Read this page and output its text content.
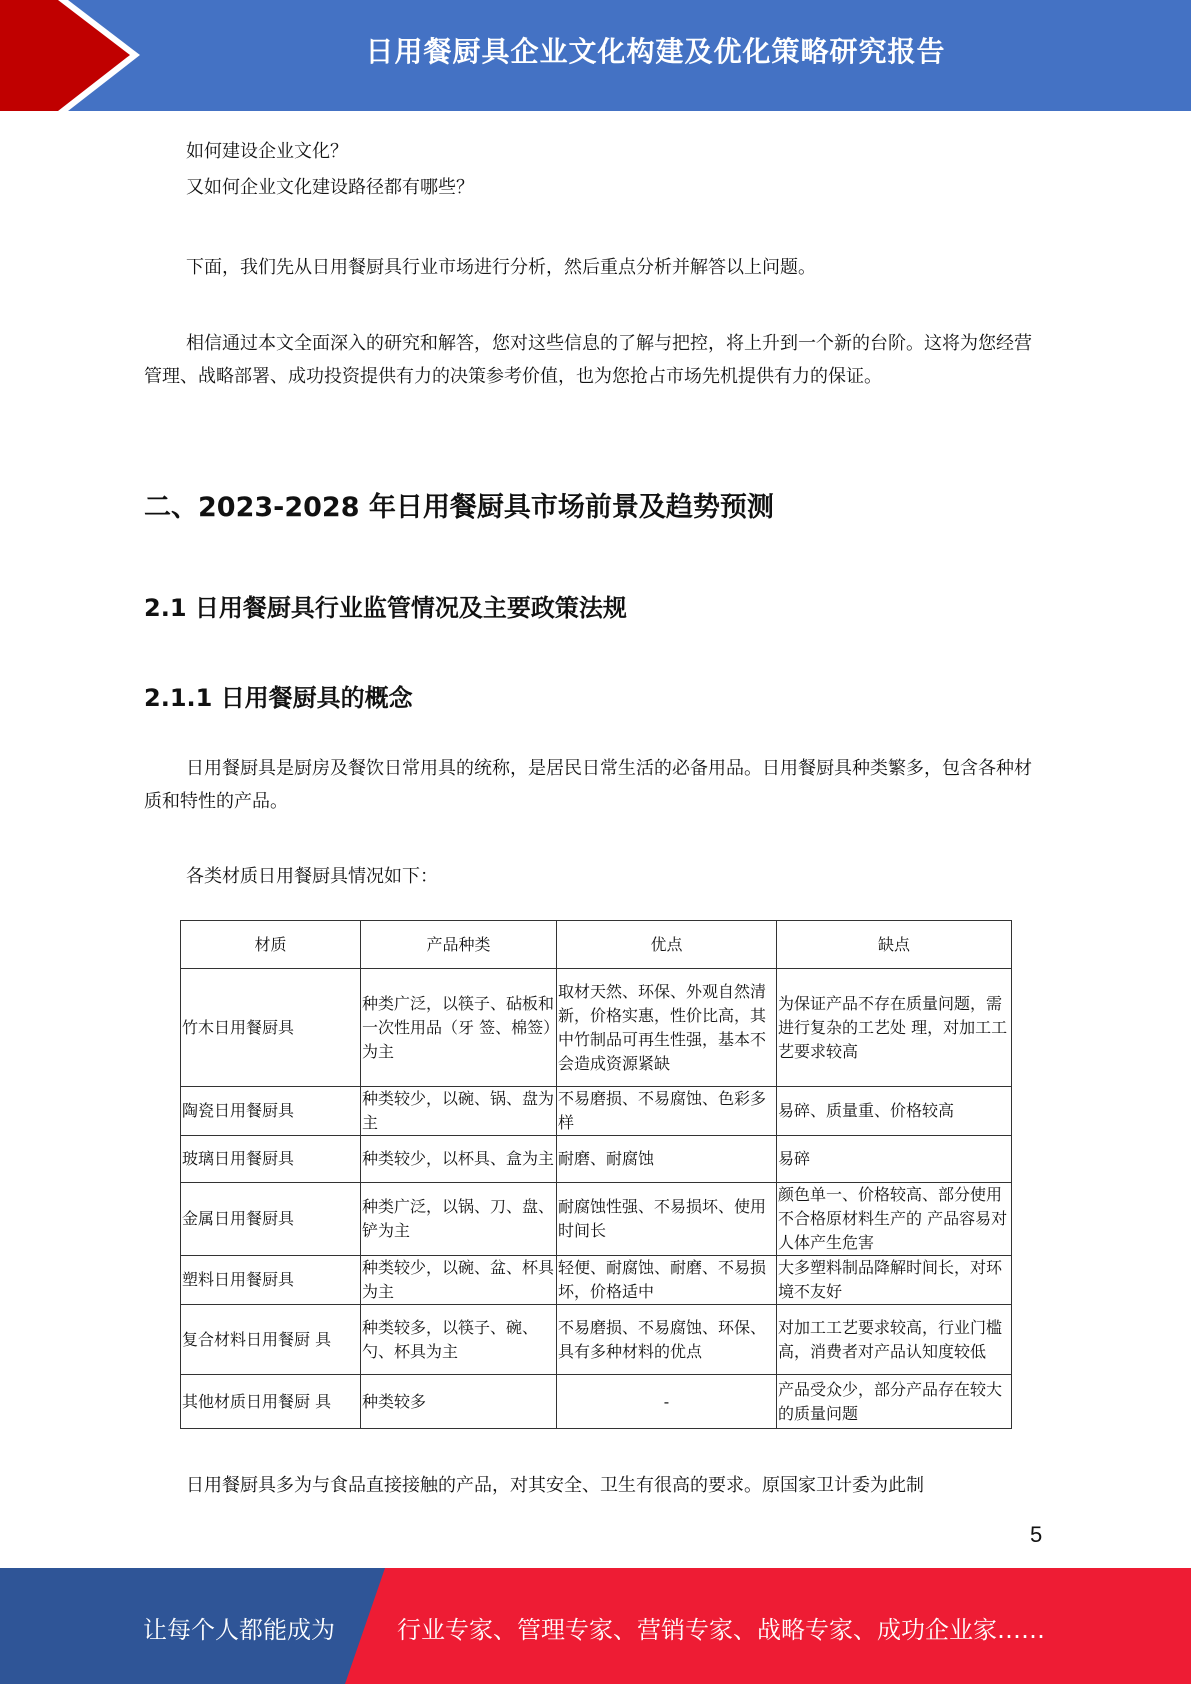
日用餐厨具企业文化构建及优化策略研究报告
如何建设企业文化？
又如何企业文化建设路径都有哪些？
下面，我们先从日用餐厨具行业市场进行分析，然后重点分析并解答以上问题。
相信通过本文全面深入的研究和解答，您对这些信息的了解与把控，将上升到一个新的台阶。这将为您经营管理、战略部署、成功投资提供有力的决策参考价值，也为您抢占市场先机提供有力的保证。
二、2023-2028 年日用餐厨具市场前景及趋势预测
2.1 日用餐厨具行业监管情况及主要政策法规
2.1.1 日用餐厨具的概念
日用餐厨具是厨房及餐饮日常用具的统称，是居民日常生活的必备用品。日用餐厨具种类繁多，包含各种材质和特性的产品。
各类材质日用餐厨具情况如下：
材质	产品种类	优点	缺点
竹木日用餐厨具	种类广泛，以筷子、砧板和一次性用品（牙 签、棉签）为主	取材天然、环保、外观自然清新，价格实惠，性价比高，其中竹制品可再生性强，基本不会造成资源紧缺	为保证产品不存在质量问题，需进行复杂的工艺处 理，对加工工艺要求较高
陶瓷日用餐厨具	种类较少，以碗、锅、盘为主	不易磨损、不易腐蚀、色彩多样	易碎、质量重、价格较高
玻璃日用餐厨具	种类较少，以杯具、盒为主	耐磨、耐腐蚀	易碎
金属日用餐厨具	种类广泛，以锅、刀、盘、铲为主	耐腐蚀性强、不易损坏、使用时间长	颜色单一、价格较高、部分使用不合格原材料生产的 产品容易对人体产生危害
塑料日用餐厨具	种类较少，以碗、盆、杯具为主	轻便、耐腐蚀、耐磨、不易损坏，价格适中	大多塑料制品降解时间长，对环境不友好
复合材料日用餐厨 具	种类较多，以筷子、碗、勺、杯具为主	不易磨损、不易腐蚀、环保、具有多种材料的优点	对加工工艺要求较高，行业门槛高，消费者对产品认知度较低
其他材质日用餐厨 具	种类较多	-	产品受众少，部分产品存在较大的质量问题
日用餐厨具多为与食品直接接触的产品，对其安全、卫生有很高的要求。原国家卫计委为此制
5
让每个人都能成为	行业专家、管理专家、营销专家、战略专家、成功企业家……
